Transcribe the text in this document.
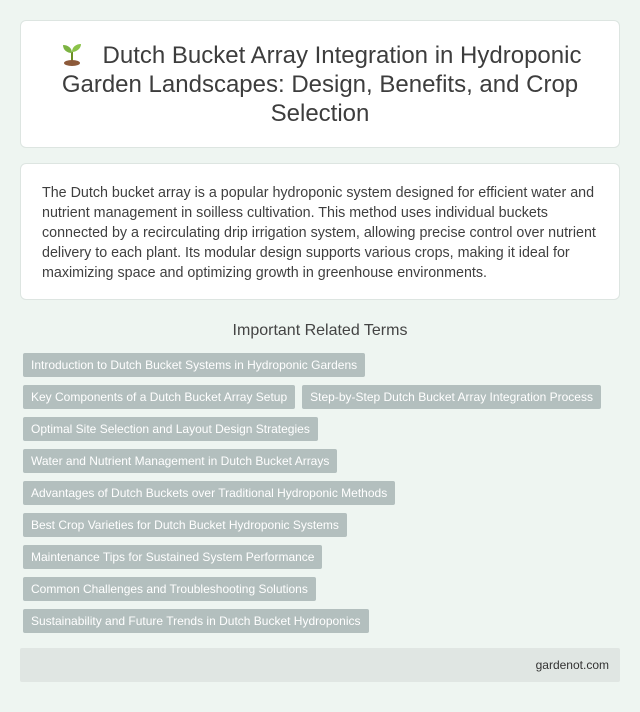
Dutch Bucket Array Integration in Hydroponic Garden Landscapes: Design, Benefits, and Crop Selection

The Dutch bucket array is a popular hydroponic system designed for efficient water and nutrient management in soilless cultivation. This method uses individual buckets connected by a recirculating drip irrigation system, allowing precise control over nutrient delivery to each plant. Its modular design supports various crops, making it ideal for maximizing space and optimizing growth in greenhouse environments.

Important Related Terms
Introduction to Dutch Bucket Systems in Hydroponic Gardens
Key Components of a Dutch Bucket Array Setup	Step-by-Step Dutch Bucket Array Integration Process
Optimal Site Selection and Layout Design Strategies
Water and Nutrient Management in Dutch Bucket Arrays
Advantages of Dutch Buckets over Traditional Hydroponic Methods
Best Crop Varieties for Dutch Bucket Hydroponic Systems
Maintenance Tips for Sustained System Performance
Common Challenges and Troubleshooting Solutions
Sustainability and Future Trends in Dutch Bucket Hydroponics
gardenot.com
